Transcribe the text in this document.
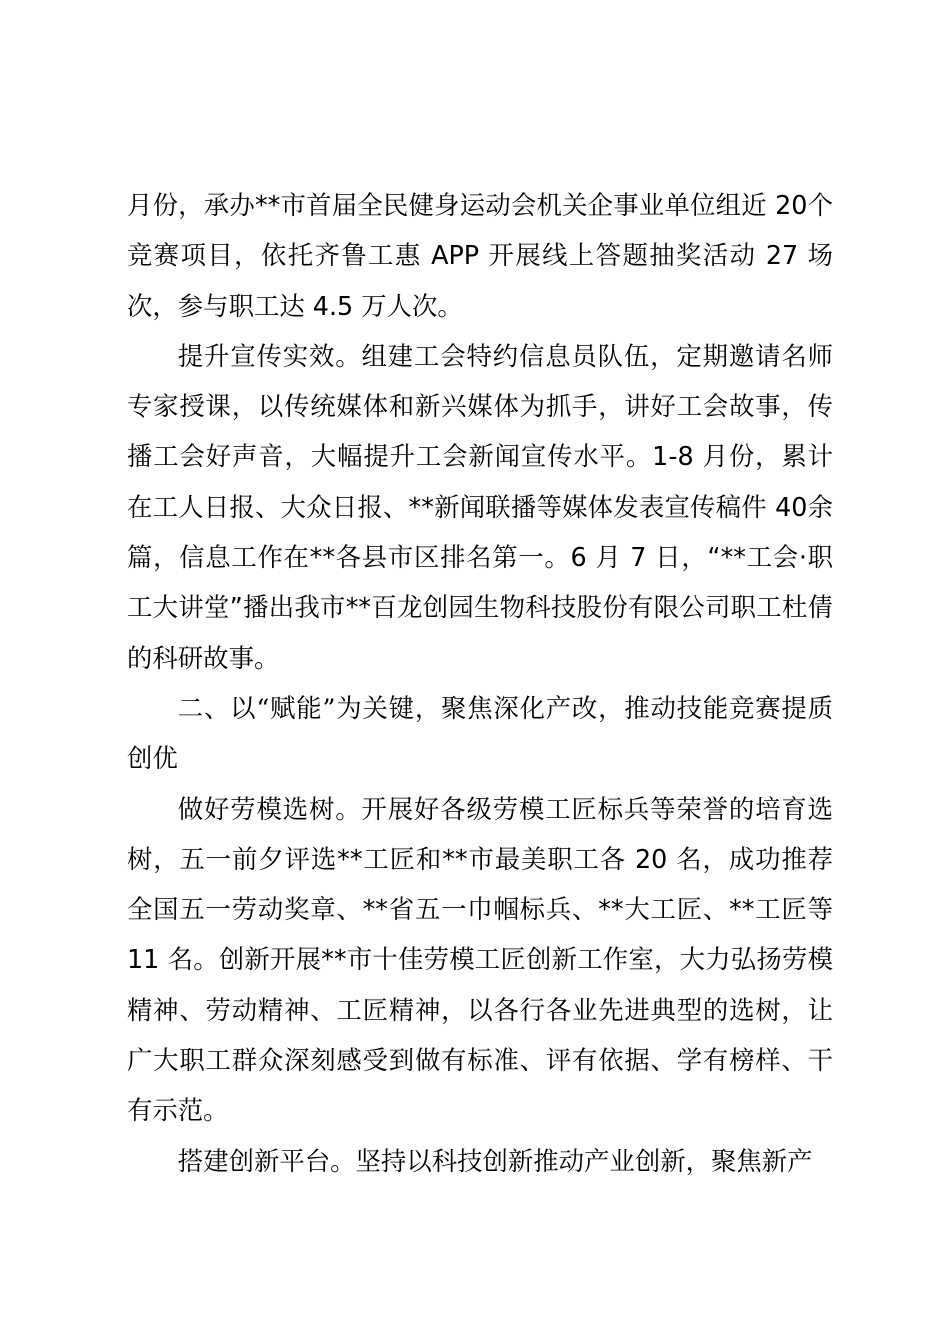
月份，承办**市首届全民健身运动会机关企事业单位组近 20个竞赛项目，依托齐鲁工惠 APP 开展线上答题抽奖活动 27 场次，参与职工达 4.5 万人次。

提升宣传实效。组建工会特约信息员队伍，定期邀请名师专家授课，以传统媒体和新兴媒体为抓手，讲好工会故事，传播工会好声音，大幅提升工会新闻宣传水平。1-8 月份，累计在工人日报、大众日报、**新闻联播等媒体发表宣传稿件 40余篇，信息工作在**各县市区排名第一。6 月 7 日，“**工会·职工大讲堂”播出我市**百龙创园生物科技股份有限公司职工杜倩的科研故事。

二、以“赋能”为关键，聚焦深化产改，推动技能竞赛提质创优

做好劳模选树。开展好各级劳模工匠标兵等荣誉的培育选树，五一前夕评选**工匠和**市最美职工各 20 名，成功推荐全国五一劳动奖章、**省五一巾帼标兵、**大工匠、**工匠等11 名。创新开展**市十佳劳模工匠创新工作室，大力弘扬劳模精神、劳动精神、工匠精神，以各行各业先进典型的选树，让广大职工群众深刻感受到做有标准、评有依据、学有榜样、干有示范。

搭建创新平台。坚持以科技创新推动产业创新，聚焦新产
